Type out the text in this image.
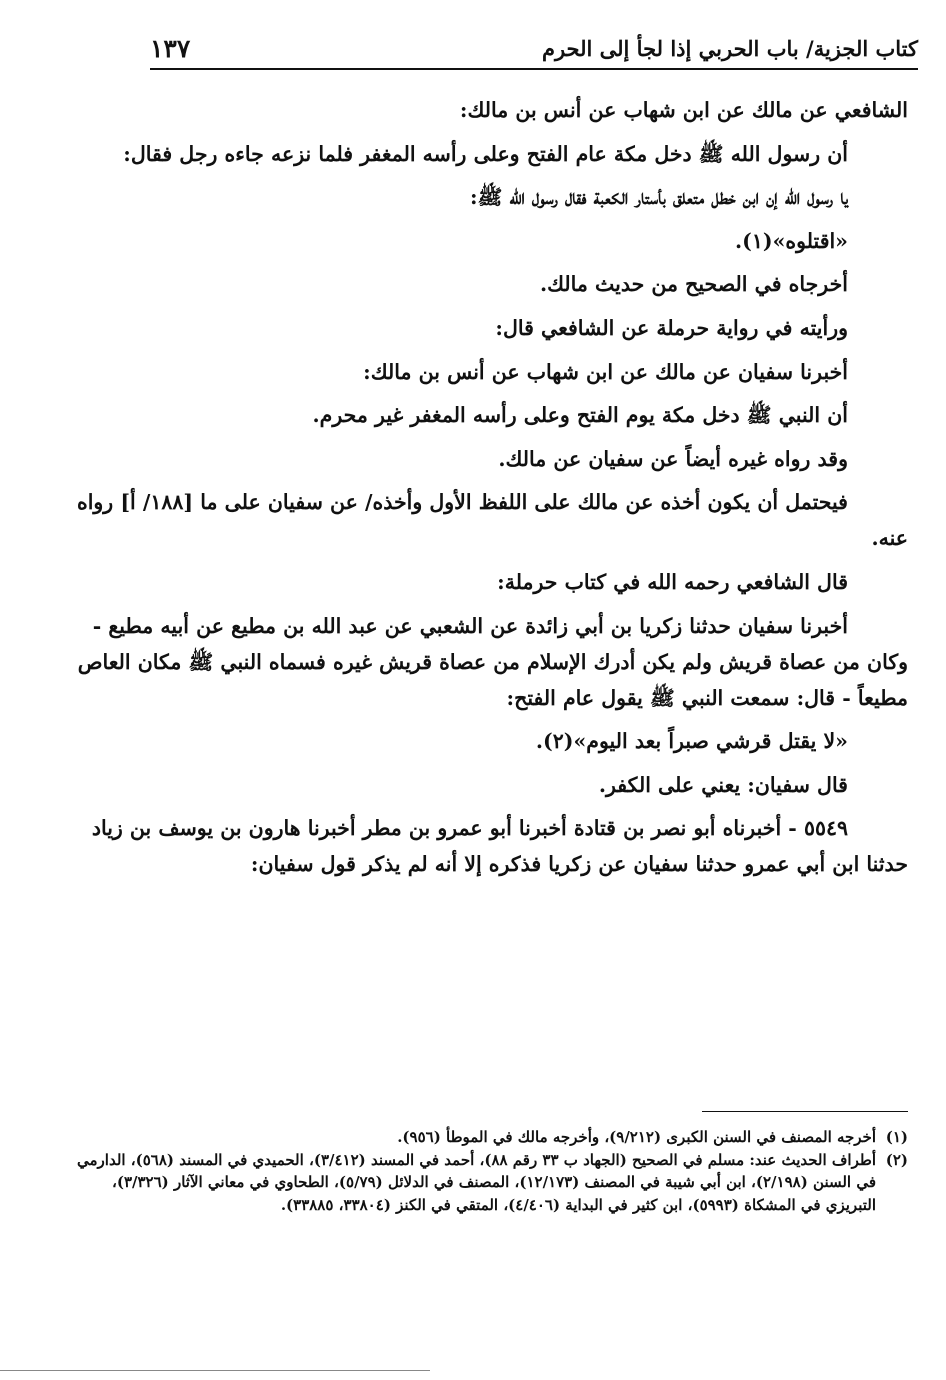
كتاب الجزية/ باب الحربي إذا لجأ إلى الحرم
١٣٧

الشافعي عن مالك عن ابن شهاب عن أنس بن مالك:

أن رسول الله ﷺ دخل مكة عام الفتح وعلى رأسه المغفر فلما نزعه جاءه رجل فقال:

يا رسول الله إن ابن خطل متعلق بأستار الكعبة فقال رسول الله ﷺ:

«اقتلوه»(١).

أخرجاه في الصحيح من حديث مالك.

ورأيته في رواية حرملة عن الشافعي قال:

أخبرنا سفيان عن مالك عن ابن شهاب عن أنس بن مالك:

أن النبي ﷺ دخل مكة يوم الفتح وعلى رأسه المغفر غير محرم.

وقد رواه غيره أيضاً عن سفيان عن مالك.

فيحتمل أن يكون أخذه عن مالك على اللفظ الأول وأخذه/ عن سفيان على ما [١٨٨/ أ] رواه عنه.

قال الشافعي رحمه الله في كتاب حرملة:

أخبرنا سفيان حدثنا زكريا بن أبي زائدة عن الشعبي عن عبد الله بن مطيع عن أبيه مطيع - وكان من عصاة قريش ولم يكن أدرك الإسلام من عصاة قريش غيره فسماه النبي ﷺ مكان العاص مطيعاً - قال: سمعت النبي ﷺ يقول عام الفتح:

«لا يقتل قرشي صبراً بعد اليوم»(٢).

قال سفيان: يعني على الكفر.

٥٥٤٩ - أخبرناه أبو نصر بن قتادة أخبرنا أبو عمرو بن مطر أخبرنا هارون بن يوسف بن زياد حدثنا ابن أبي عمرو حدثنا سفيان عن زكريا فذكره إلا أنه لم يذكر قول سفيان:

(١)
أخرجه المصنف في السنن الكبرى (٩/٢١٢)، وأخرجه مالك في الموطأ (٩٥٦).

(٢)
أطراف الحديث عند: مسلم في الصحيح (الجهاد ب ٣٣ رقم ٨٨)، أحمد في المسند (٣/٤١٢)، الحميدي في المسند (٥٦٨)، الدارمي في السنن (٢/١٩٨)، ابن أبي شيبة في المصنف (١٢/١٧٣)، المصنف في الدلائل (٥/٧٩)، الطحاوي في معاني الآثار (٣/٣٢٦)، التبريزي في المشكاة (٥٩٩٣)، ابن كثير في البداية (٤/٤٠٦)، المتقي في الكنز (٣٣٨٠٤، ٣٣٨٨٥).
